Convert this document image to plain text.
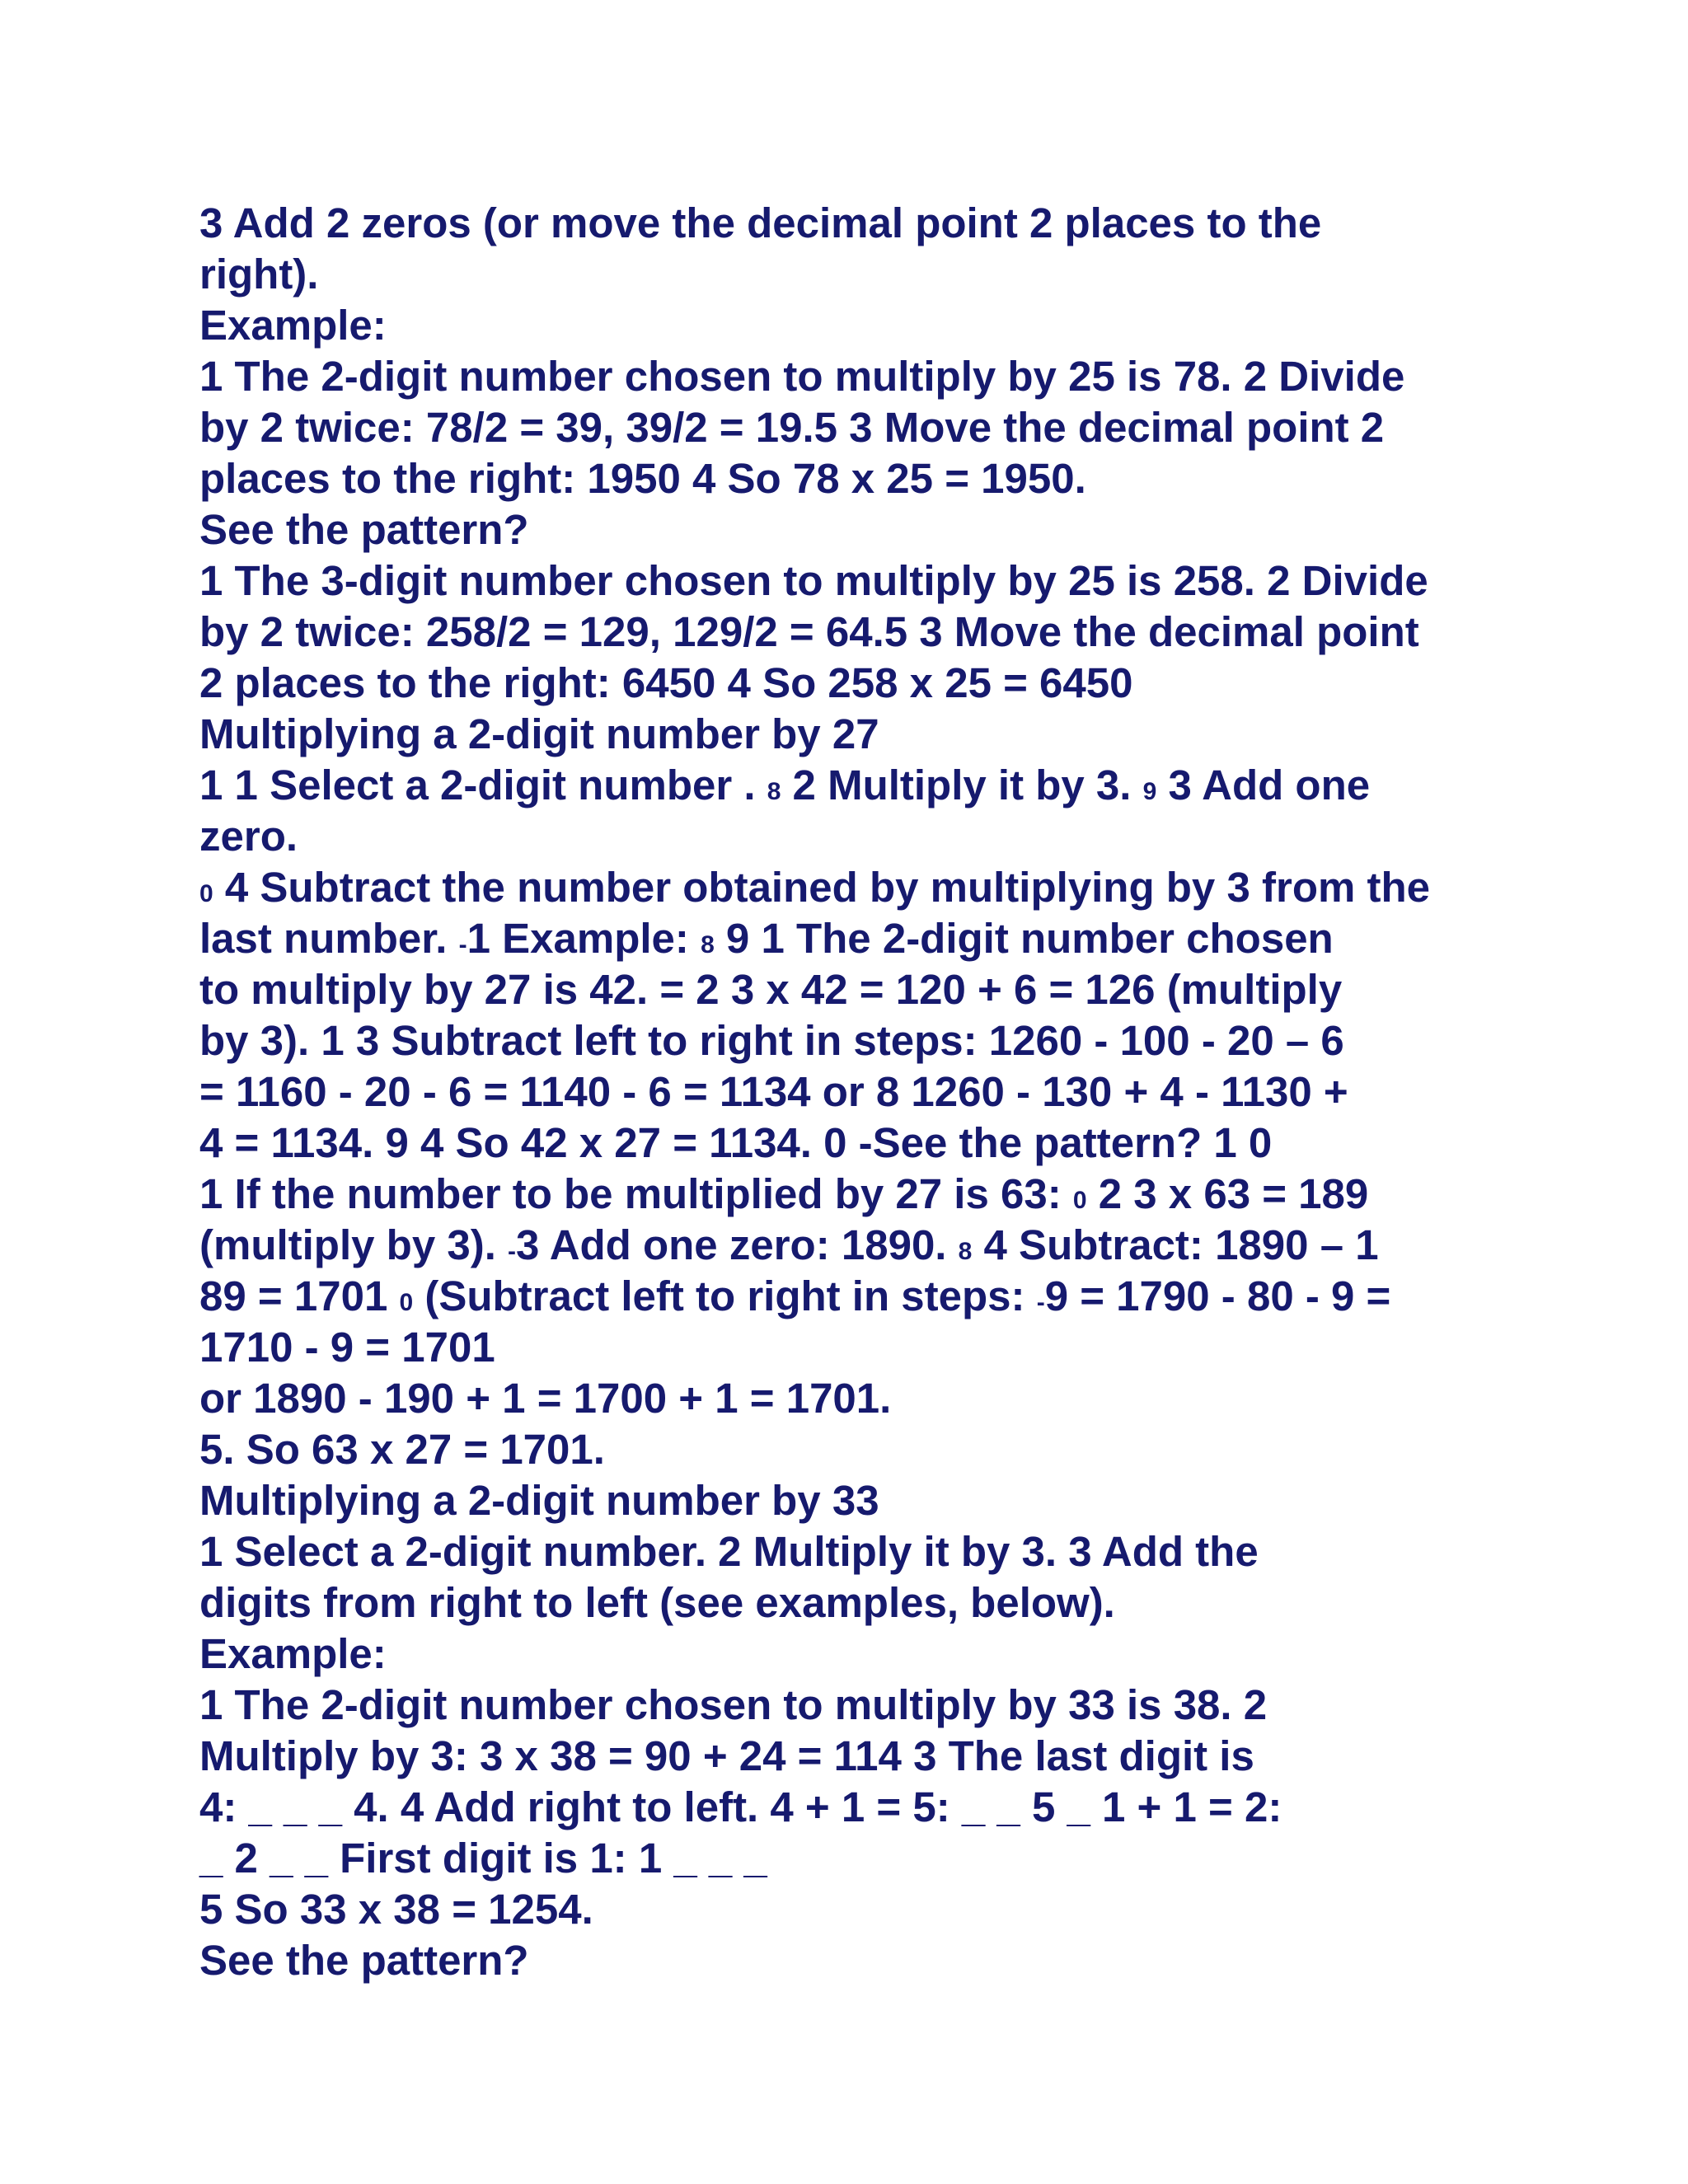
3 Add 2 zeros (or move the decimal point 2 places to the
right).
Example:
1 The 2-digit number chosen to multiply by 25 is 78. 2 Divide
by 2 twice: 78/2 = 39, 39/2 = 19.5 3 Move the decimal point 2
places to the right: 1950 4 So 78 x 25 = 1950.
See the pattern?
1 The 3-digit number chosen to multiply by 25 is 258. 2 Divide
by 2 twice: 258/2 = 129, 129/2 = 64.5 3 Move the decimal point
2 places to the right: 6450 4 So 258 x 25 = 6450
Multiplying a 2-digit number by 27
1 1 Select a 2-digit number . 8 2 Multiply it by 3. 9 3 Add one
zero.
0 4 Subtract the number obtained by multiplying by 3 from the
last number. -1 Example: 8 9 1 The 2-digit number chosen
to multiply by 27 is 42. = 2 3 x 42 = 120 + 6 = 126 (multiply
by 3). 1 3 Subtract left to right in steps: 1260 - 100 - 20 – 6
= 1160 - 20 - 6 = 1140 - 6 = 1134 or 8 1260 - 130 + 4 - 1130 +
4 = 1134. 9 4 So 42 x 27 = 1134. 0 -See the pattern? 1 0
1 If the number to be multiplied by 27 is 63: 0 2 3 x 63 = 189
(multiply by 3). -3 Add one zero: 1890. 8 4 Subtract: 1890 – 1
89 = 1701 0 (Subtract left to right in steps: -9 = 1790 - 80 - 9 =
1710 - 9 = 1701
or 1890 - 190 + 1 = 1700 + 1 = 1701.
5. So 63 x 27 = 1701.
Multiplying a 2-digit number by 33
1 Select a 2-digit number. 2 Multiply it by 3. 3 Add the
digits from right to left (see examples, below).
Example:
1 The 2-digit number chosen to multiply by 33 is 38. 2
Multiply by 3: 3 x 38 = 90 + 24 = 114 3 The last digit is
4: _ _ _ 4. 4 Add right to left. 4 + 1 = 5: _ _ 5 _ 1 + 1 = 2:
_ 2 _ _ First digit is 1: 1 _ _ _
5 So 33 x 38 = 1254.
See the pattern?
